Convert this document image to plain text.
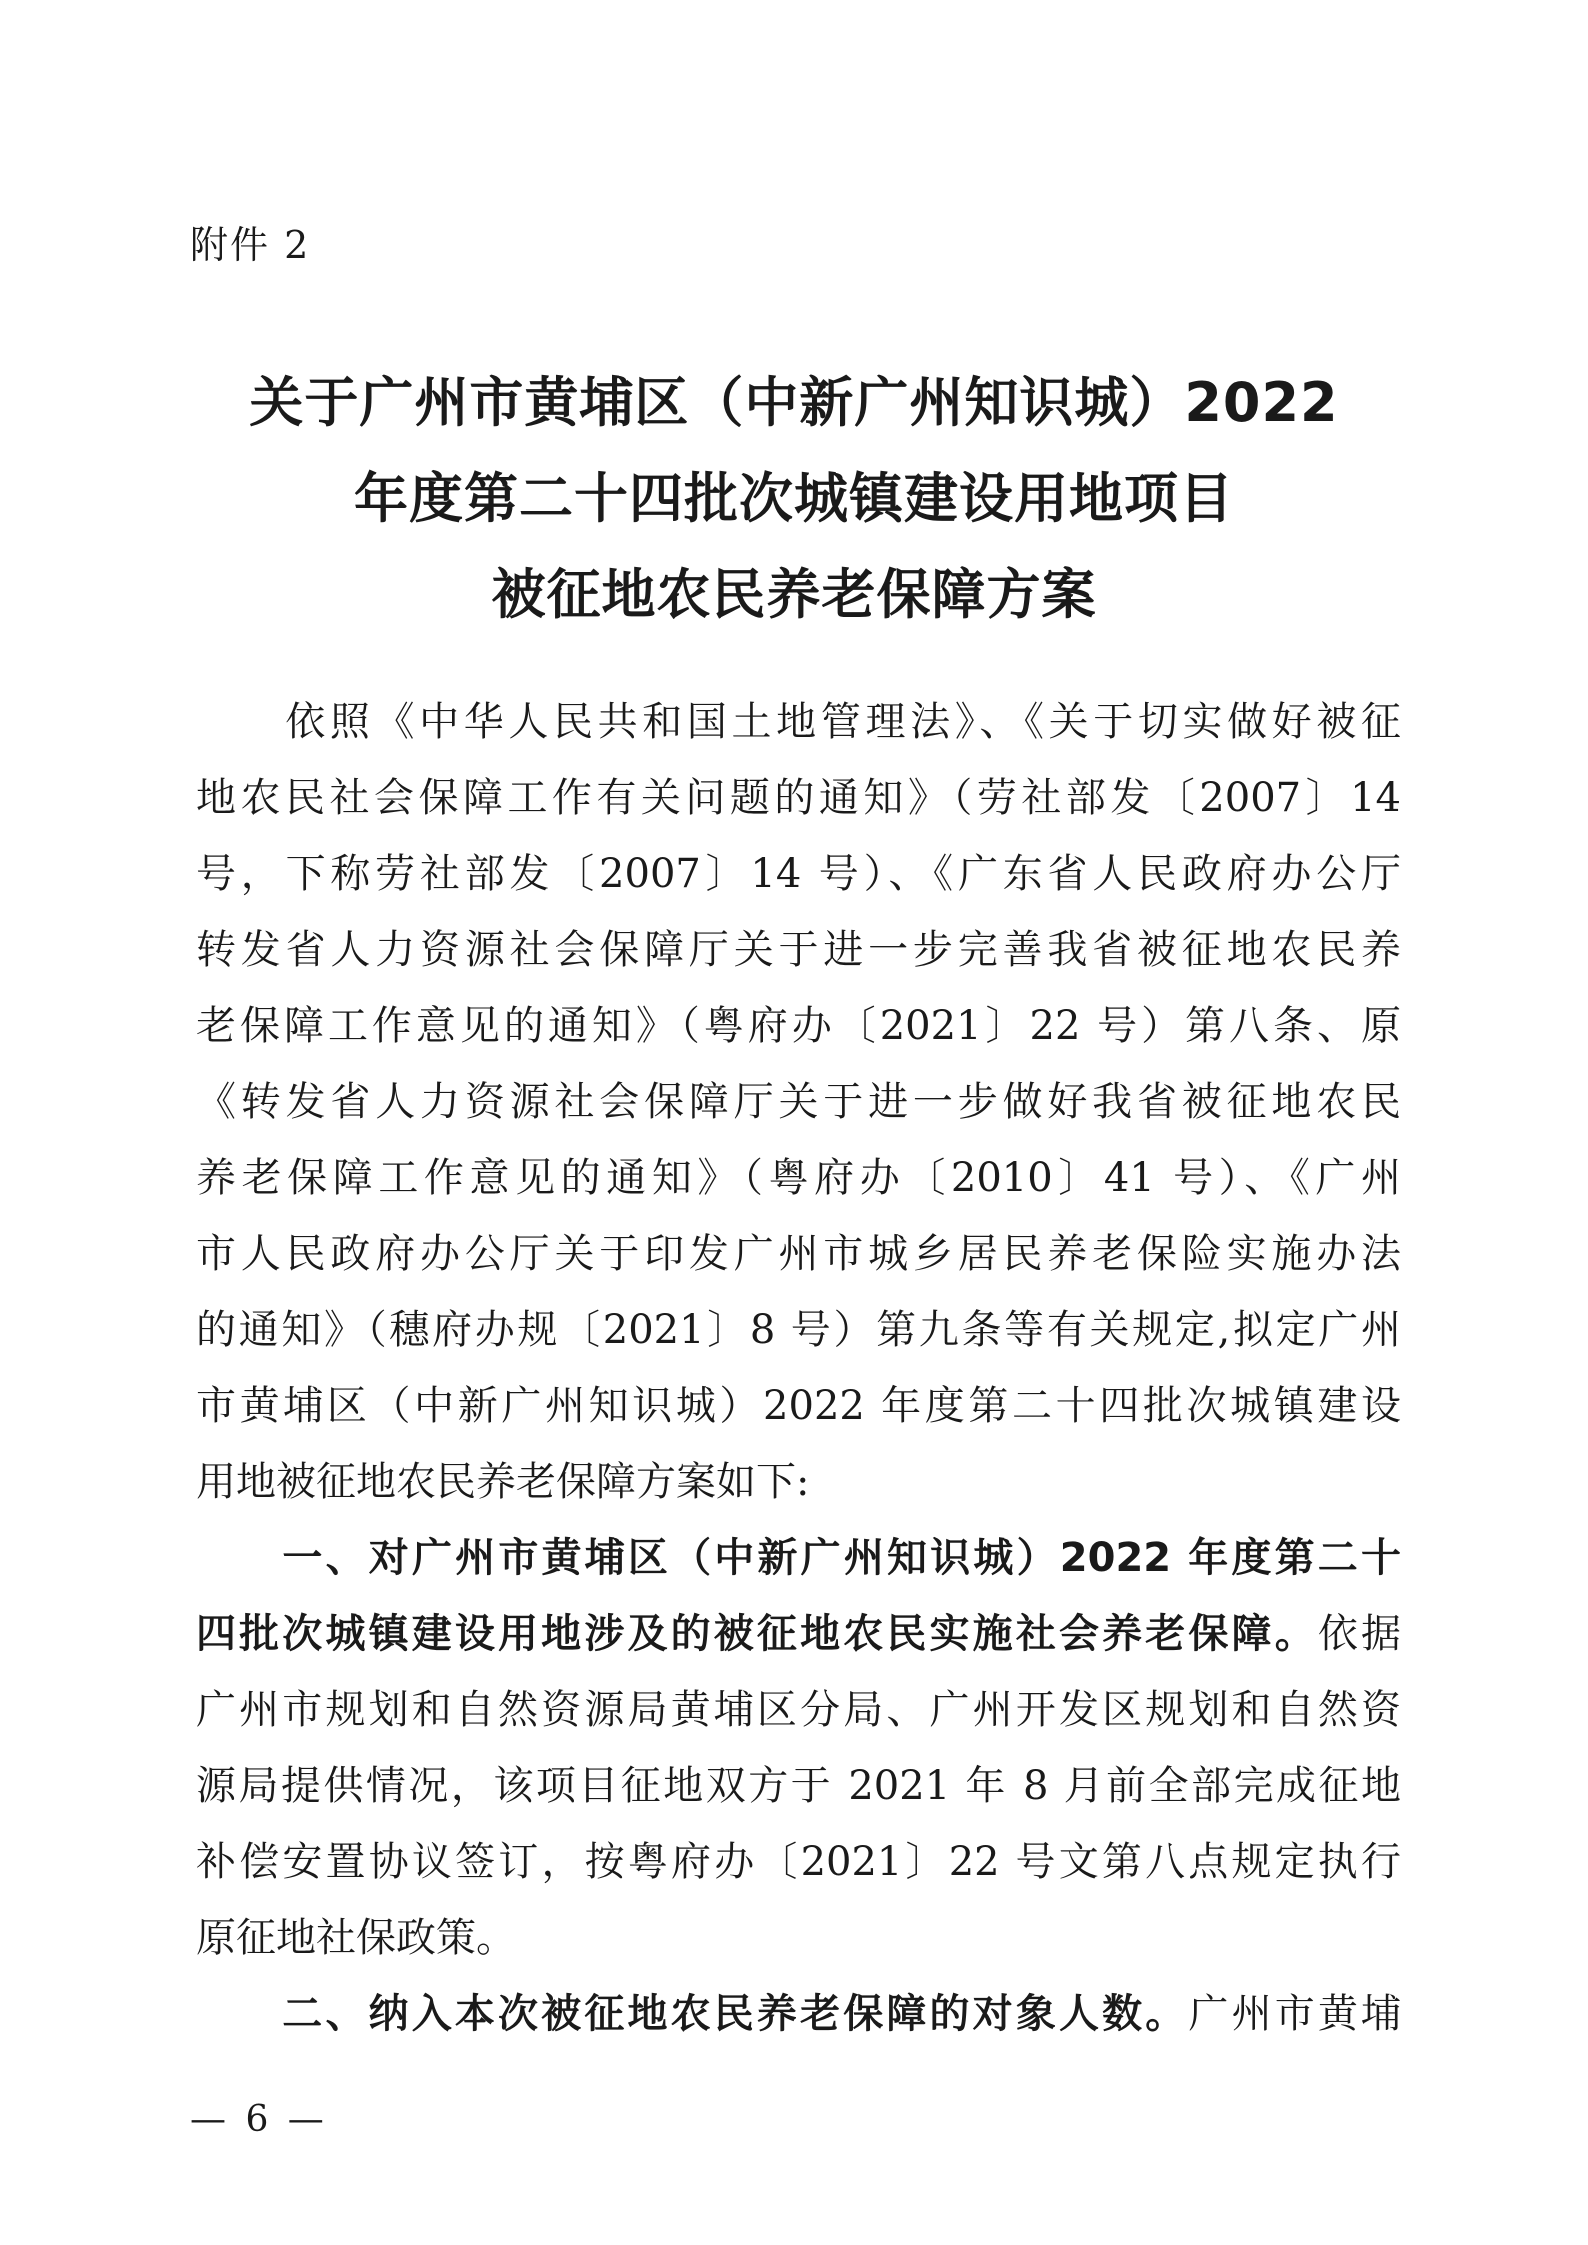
附件 2
关于广州市黄埔区（中新广州知识城）2022
年度第二十四批次城镇建设用地项目
被征地农民养老保障方案
　　依照《中华人民共和国土地管理法》、《关于切实做好被征
地农民社会保障工作有关问题的通知》（劳社部发〔2007〕14
号，下称劳社部发〔2007〕14 号）、《广东省人民政府办公厅
转发省人力资源社会保障厅关于进一步完善我省被征地农民养
老保障工作意见的通知》（粤府办〔2021〕22 号）第八条、原
《转发省人力资源社会保障厅关于进一步做好我省被征地农民
养老保障工作意见的通知》（粤府办〔2010〕41 号）、《广州
市人民政府办公厅关于印发广州市城乡居民养老保险实施办法
的通知》（穗府办规〔2021〕8 号）第九条等有关规定,拟定广州
市黄埔区（中新广州知识城）2022 年度第二十四批次城镇建设
用地被征地农民养老保障方案如下:
　　一、对广州市黄埔区（中新广州知识城）2022 年度第二十
四批次城镇建设用地涉及的被征地农民实施社会养老保障。依据
广州市规划和自然资源局黄埔区分局、广州开发区规划和自然资
源局提供情况，该项目征地双方于 2021 年 8 月前全部完成征地
补偿安置协议签订，按粤府办〔2021〕22 号文第八点规定执行
原征地社保政策。
　　二、纳入本次被征地农民养老保障的对象人数。广州市黄埔
— 6 —
